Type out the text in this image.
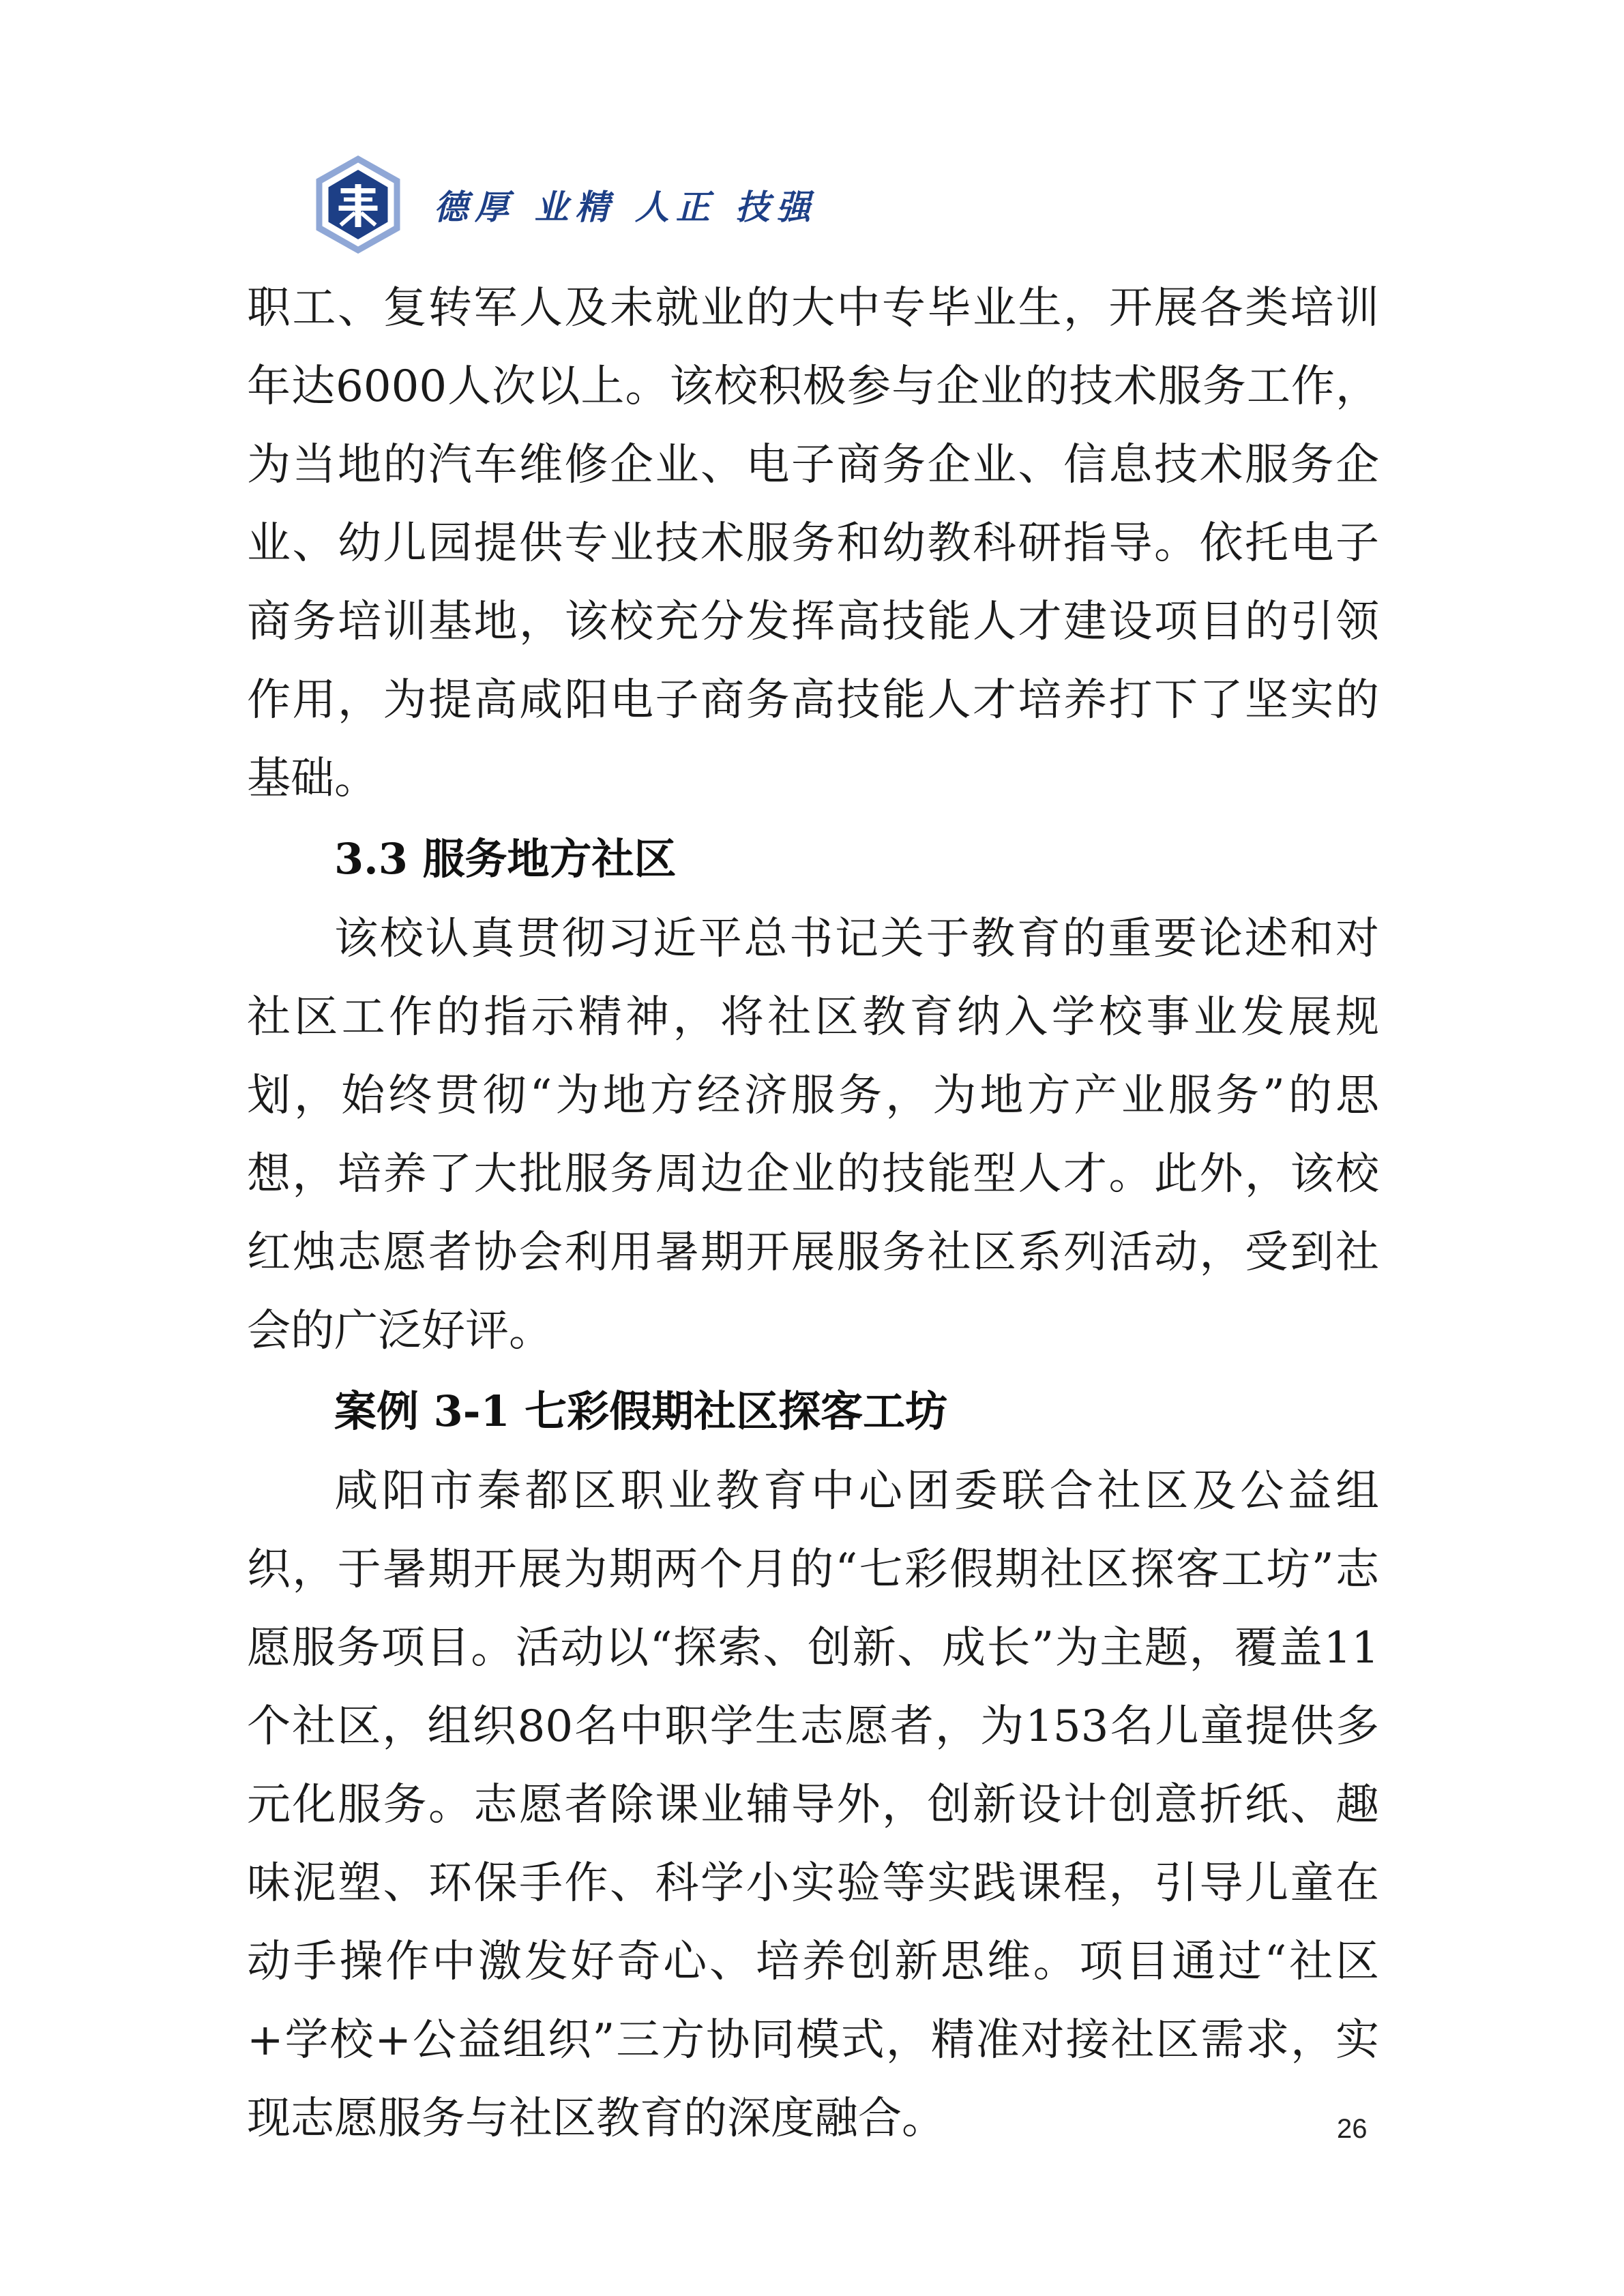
德厚 业精 人正 技强

职工、复转军人及未就业的大中专毕业生，开展各类培训年达6000人次以上。该校积极参与企业的技术服务工作，为当地的汽车维修企业、电子商务企业、信息技术服务企业、幼儿园提供专业技术服务和幼教科研指导。依托电子商务培训基地，该校充分发挥高技能人才建设项目的引领作用，为提高咸阳电子商务高技能人才培养打下了坚实的基础。

3.3 服务地方社区

该校认真贯彻习近平总书记关于教育的重要论述和对社区工作的指示精神，将社区教育纳入学校事业发展规划，始终贯彻“为地方经济服务，为地方产业服务”的思想，培养了大批服务周边企业的技能型人才。此外，该校红烛志愿者协会利用暑期开展服务社区系列活动，受到社会的广泛好评。

案例 3-1 七彩假期社区探客工坊

咸阳市秦都区职业教育中心团委联合社区及公益组织，于暑期开展为期两个月的“七彩假期社区探客工坊”志愿服务项目。活动以“探索、创新、成长”为主题，覆盖11个社区，组织80名中职学生志愿者，为153名儿童提供多元化服务。志愿者除课业辅导外，创新设计创意折纸、趣味泥塑、环保手作、科学小实验等实践课程，引导儿童在动手操作中激发好奇心、培养创新思维。项目通过“社区+学校+公益组织”三方协同模式，精准对接社区需求，实现志愿服务与社区教育的深度融合。	26
